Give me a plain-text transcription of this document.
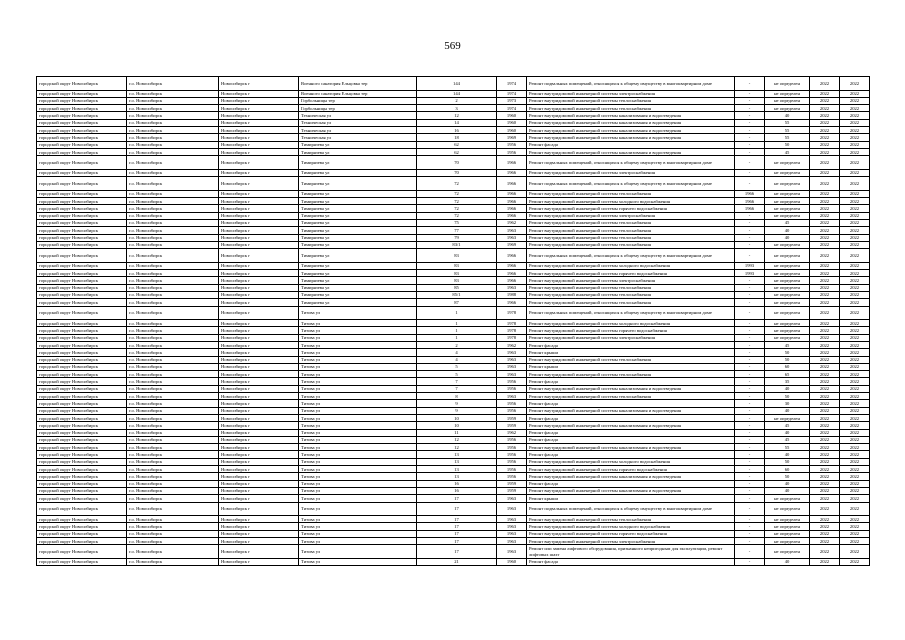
569
городской округ Новосибирск	г.о. Новосибирск	Новосибирск г	Военного санатория Ельцовка тер	144	1974	Ремонт подвальных помещений, относящихся к общему имуществу в многоквартирном доме	-	не определен	2022	2022
городской округ Новосибирск	г.о. Новосибирск	Новосибирск г	Военного санатория Ельцовка тер	144	1974	Ремонт внутридомовой инженерной системы электроснабжения	-	не определен	2022	2022
городской округ Новосибирск	г.о. Новосибирск	Новосибирск г	Горбольницы тер	2	1973	Ремонт внутридомовой инженерной системы теплоснабжения	-	не определен	2022	2022
городской округ Новосибирск	г.о. Новосибирск	Новосибирск г	Горбольницы тер	3	1974	Ремонт внутридомовой инженерной системы теплоснабжения	-	не определен	2022	2022
городской округ Новосибирск	г.о. Новосибирск	Новосибирск г	Техническая ул	12	1960	Ремонт внутридомовой инженерной системы канализования и водоотведения	-	40	2022	2022
городской округ Новосибирск	г.о. Новосибирск	Новосибирск г	Техническая ул	14	1960	Ремонт внутридомовой инженерной системы канализования и водоотведения	-	55	2022	2022
городской округ Новосибирск	г.о. Новосибирск	Новосибирск г	Техническая ул	16	1960	Ремонт внутридомовой инженерной системы канализования и водоотведения	-	55	2022	2022
городской округ Новосибирск	г.о. Новосибирск	Новосибирск г	Техническая ул	18	1969	Ремонт внутридомовой инженерной системы канализования и водоотведения	-	55	2022	2022
городской округ Новосибирск	г.о. Новосибирск	Новосибирск г	Тимирязева ул	62	1956	Ремонт фасада	-	50	2022	2022
городской округ Новосибирск	г.о. Новосибирск	Новосибирск г	Тимирязева ул	62	1956	Ремонт внутридомовой инженерной системы канализования и водоотведения	-	45	2022	2022
городской округ Новосибирск	г.о. Новосибирск	Новосибирск г	Тимирязева ул	70	1966	Ремонт подвальных помещений, относящихся к общему имуществу в многоквартирном доме	-	не определен	2022	2022
городской округ Новосибирск	г.о. Новосибирск	Новосибирск г	Тимирязева ул	70	1966	Ремонт внутридомовой инженерной системы электроснабжения	-	не определен	2022	2022
городской округ Новосибирск	г.о. Новосибирск	Новосибирск г	Тимирязева ул	72	1966	Ремонт подвальных помещений, относящихся к общему имуществу в многоквартирном доме	-	не определен	2022	2022
городской округ Новосибирск	г.о. Новосибирск	Новосибирск г	Тимирязева ул	72	1966	Ремонт внутридомовой инженерной системы теплоснабжения	1966	не определен	2022	2022
городской округ Новосибирск	г.о. Новосибирск	Новосибирск г	Тимирязева ул	72	1966	Ремонт внутридомовой инженерной системы холодного водоснабжения	1966	не определен	2022	2022
городской округ Новосибирск	г.о. Новосибирск	Новосибирск г	Тимирязева ул	72	1966	Ремонт внутридомовой инженерной системы горячего водоснабжения	1966	не определен	2022	2022
городской округ Новосибирск	г.о. Новосибирск	Новосибирск г	Тимирязева ул	72	1966	Ремонт внутридомовой инженерной системы электроснабжения	-	не определен	2022	2022
городской округ Новосибирск	г.о. Новосибирск	Новосибирск г	Тимирязева ул	75	1962	Ремонт внутридомовой инженерной системы теплоснабжения	-	45	2022	2022
городской округ Новосибирск	г.о. Новосибирск	Новосибирск г	Тимирязева ул	77	1963	Ремонт внутридомовой инженерной системы теплоснабжения	-	40	2022	2022
городской округ Новосибирск	г.о. Новосибирск	Новосибирск г	Тимирязева ул	79	1963	Ремонт внутридомовой инженерной системы теплоснабжения	-	40	2022	2022
городской округ Новосибирск	г.о. Новосибирск	Новосибирск г	Тимирязева ул	83/1	1969	Ремонт внутридомовой инженерной системы теплоснабжения	-	не определен	2022	2022
городской округ Новосибирск	г.о. Новосибирск	Новосибирск г	Тимирязева ул	83	1966	Ремонт подвальных помещений, относящихся к общему имуществу в многоквартирном доме	-	не определен	2022	2022
городской округ Новосибирск	г.о. Новосибирск	Новосибирск г	Тимирязева ул	83	1966	Ремонт внутридомовой инженерной системы холодного водоснабжения	1993	не определен	2022	2022
городской округ Новосибирск	г.о. Новосибирск	Новосибирск г	Тимирязева ул	83	1966	Ремонт внутридомовой инженерной системы горячего водоснабжения	1993	не определен	2022	2022
городской округ Новосибирск	г.о. Новосибирск	Новосибирск г	Тимирязева ул	83	1966	Ремонт внутридомовой инженерной системы электроснабжения	-	не определен	2022	2022
городской округ Новосибирск	г.о. Новосибирск	Новосибирск г	Тимирязева ул	85	1963	Ремонт внутридомовой инженерной системы теплоснабжения	-	не определен	2022	2022
городской округ Новосибирск	г.о. Новосибирск	Новосибирск г	Тимирязева ул	85/1	1988	Ремонт внутридомовой инженерной системы теплоснабжения	-	не определен	2022	2022
городской округ Новосибирск	г.о. Новосибирск	Новосибирск г	Тимирязева ул	87	1966	Ремонт внутридомовой инженерной системы теплоснабжения	-	не определен	2022	2022
городской округ Новосибирск	г.о. Новосибирск	Новосибирск г	Титова ул	1	1978	Ремонт подвальных помещений, относящихся к общему имуществу в многоквартирном доме	-	не определен	2022	2022
городской округ Новосибирск	г.о. Новосибирск	Новосибирск г	Титова ул	1	1978	Ремонт внутридомовой инженерной системы холодного водоснабжения	-	не определен	2022	2022
городской округ Новосибирск	г.о. Новосибирск	Новосибирск г	Титова ул	1	1978	Ремонт внутридомовой инженерной системы горячего водоснабжения	-	не определен	2022	2022
городской округ Новосибирск	г.о. Новосибирск	Новосибирск г	Титова ул	1	1978	Ремонт внутридомовой инженерной системы электроснабжения	-	не определен	2022	2022
городской округ Новосибирск	г.о. Новосибирск	Новосибирск г	Титова ул	2	1962	Ремонт фасада	-	45	2022	2022
городской округ Новосибирск	г.о. Новосибирск	Новосибирск г	Титова ул	4	1963	Ремонт крыши	-	50	2022	2022
городской округ Новосибирск	г.о. Новосибирск	Новосибирск г	Титова ул	4	1963	Ремонт внутридомовой инженерной системы теплоснабжения	-	50	2022	2022
городской округ Новосибирск	г.о. Новосибирск	Новосибирск г	Титова ул	5	1963	Ремонт крыши	-	60	2022	2022
городской округ Новосибирск	г.о. Новосибирск	Новосибирск г	Титова ул	5	1963	Ремонт внутридомовой инженерной системы теплоснабжения	-	65	2022	2022
городской округ Новосибирск	г.о. Новосибирск	Новосибирск г	Титова ул	7	1956	Ремонт фасада	-	35	2022	2022
городской округ Новосибирск	г.о. Новосибирск	Новосибирск г	Титова ул	7	1956	Ремонт внутридомовой инженерной системы канализования и водоотведения	-	40	2022	2022
городской округ Новосибирск	г.о. Новосибирск	Новосибирск г	Титова ул	8	1963	Ремонт внутридомовой инженерной системы теплоснабжения	-	50	2022	2022
городской округ Новосибирск	г.о. Новосибирск	Новосибирск г	Титова ул	9	1956	Ремонт фасада	-	30	2022	2022
городской округ Новосибирск	г.о. Новосибирск	Новосибирск г	Титова ул	9	1956	Ремонт внутридомовой инженерной системы канализования и водоотведения	-	40	2022	2022
городской округ Новосибирск	г.о. Новосибирск	Новосибирск г	Титова ул	10	1959	Ремонт фасада	-	не определен	2022	2022
городской округ Новосибирск	г.о. Новосибирск	Новосибирск г	Титова ул	10	1959	Ремонт внутридомовой инженерной системы канализования и водоотведения	-	45	2022	2022
городской округ Новосибирск	г.о. Новосибирск	Новосибирск г	Титова ул	11	1962	Ремонт фасада	-	40	2022	2022
городской округ Новосибирск	г.о. Новосибирск	Новосибирск г	Титова ул	12	1956	Ремонт фасада	-	45	2022	2022
городской округ Новосибирск	г.о. Новосибирск	Новосибирск г	Титова ул	12	1956	Ремонт внутридомовой инженерной системы канализования и водоотведения	-	55	2022	2022
городской округ Новосибирск	г.о. Новосибирск	Новосибирск г	Титова ул	13	1956	Ремонт фасада	-	40	2022	2022
городской округ Новосибирск	г.о. Новосибирск	Новосибирск г	Титова ул	13	1956	Ремонт внутридомовой инженерной системы холодного водоснабжения	-	50	2022	2022
городской округ Новосибирск	г.о. Новосибирск	Новосибирск г	Титова ул	13	1956	Ремонт внутридомовой инженерной системы горячего водоснабжения	-	60	2022	2022
городской округ Новосибирск	г.о. Новосибирск	Новосибирск г	Титова ул	13	1956	Ремонт внутридомовой инженерной системы канализования и водоотведения	-	50	2022	2022
городской округ Новосибирск	г.о. Новосибирск	Новосибирск г	Титова ул	16	1959	Ремонт фасада	-	40	2022	2022
городской округ Новосибирск	г.о. Новосибирск	Новосибирск г	Титова ул	16	1959	Ремонт внутридомовой инженерной системы канализования и водоотведения	-	40	2022	2022
городской округ Новосибирск	г.о. Новосибирск	Новосибирск г	Титова ул	17	1963	Ремонт крыши	-	не определен	2022	2022
городской округ Новосибирск	г.о. Новосибирск	Новосибирск г	Титова ул	17	1963	Ремонт подвальных помещений, относящихся к общему имуществу в многоквартирном доме	-	не определен	2022	2022
городской округ Новосибирск	г.о. Новосибирск	Новосибирск г	Титова ул	17	1963	Ремонт внутридомовой инженерной системы теплоснабжения	-	не определен	2022	2022
городской округ Новосибирск	г.о. Новосибирск	Новосибирск г	Титова ул	17	1963	Ремонт внутридомовой инженерной системы холодного водоснабжения	-	не определен	2022	2022
городской округ Новосибирск	г.о. Новосибирск	Новосибирск г	Титова ул	17	1963	Ремонт внутридомовой инженерной системы горячего водоснабжения	-	не определен	2022	2022
городской округ Новосибирск	г.о. Новосибирск	Новосибирск г	Титова ул	17	1963	Ремонт внутридомовой инженерной системы электроснабжения	-	не определен	2022	2022
городской округ Новосибирск	г.о. Новосибирск	Новосибирск г	Титова ул	17	1963	Ремонт или замена лифтового оборудования, признанного непригодным для эксплуатации, ремонт лифтовых шахт	-	не определен	2022	2022
городской округ Новосибирск	г.о. Новосибирск	Новосибирск г	Титова ул	21	1960	Ремонт фасада	-	40	2022	2022
